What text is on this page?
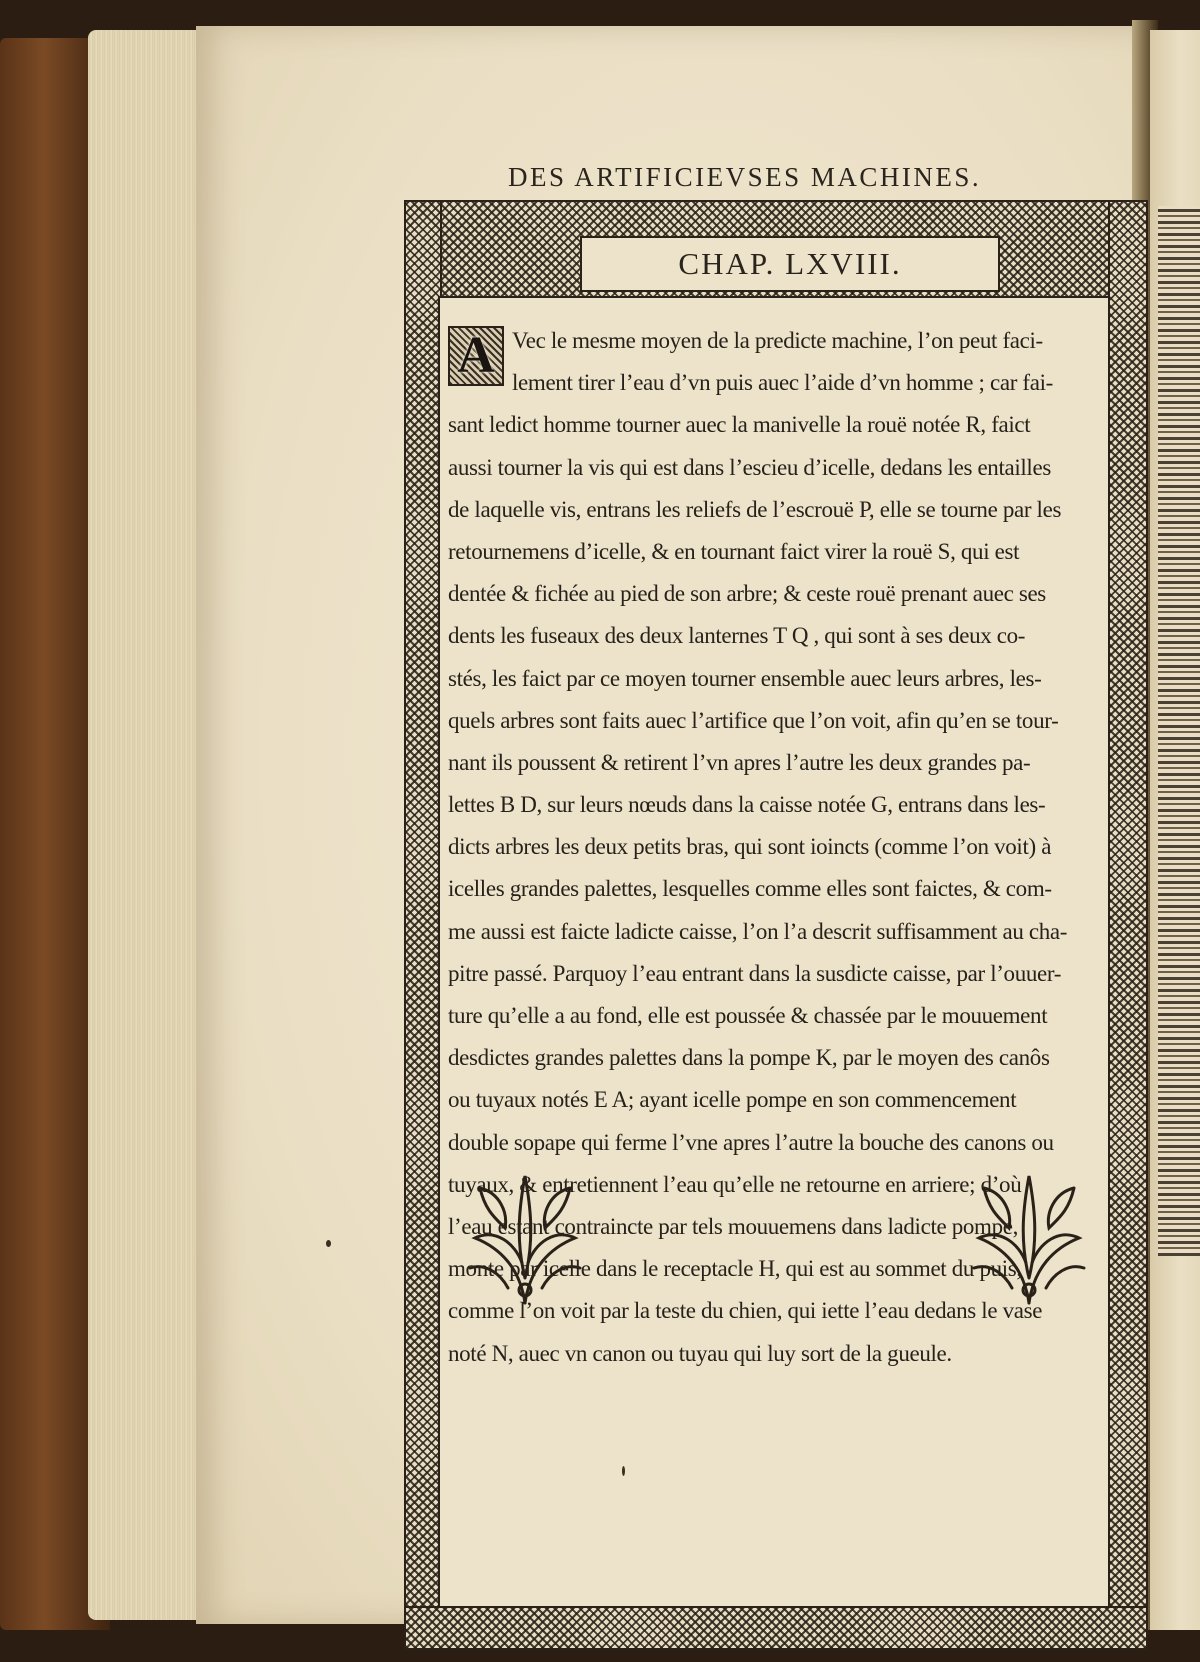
DES ARTIFICIEVSES MACHINES.
CHAP. LXVIII.
A Vec le mesme moyen de la predicte machine, l’on peut faci-
lement tirer l’eau d’vn puis auec l’aide d’vn homme ; car fai-
sant ledict homme tourner auec la manivelle la rouë notée R, faict
aussi tourner la vis qui est dans l’escieu d’icelle, dedans les entailles
de laquelle vis, entrans les reliefs de l’escrouë P, elle se tourne par les
retournemens d’icelle, & en tournant faict virer la rouë S, qui est
dentée & fichée au pied de son arbre; & ceste rouë prenant auec ses
dents les fuseaux des deux lanternes T Q , qui sont à ses deux co-
stés, les faict par ce moyen tourner ensemble auec leurs arbres, les-
quels arbres sont faits auec l’artifice que l’on voit, afin qu’en se tour-
nant ils poussent & retirent l’vn apres l’autre les deux grandes pa-
lettes B D, sur leurs nœuds dans la caisse notée G, entrans dans les-
dicts arbres les deux petits bras, qui sont ioincts (comme l’on voit) à
icelles grandes palettes, lesquelles comme elles sont faictes, & com-
me aussi est faicte ladicte caisse, l’on l’a descrit suffisamment au cha-
pitre passé. Parquoy l’eau entrant dans la susdicte caisse, par l’ouuer-
ture qu’elle a au fond, elle est poussée & chassée par le mouuement
desdictes grandes palettes dans la pompe K, par le moyen des canôs
ou tuyaux notés E A; ayant icelle pompe en son commencement
double sopape qui ferme l’vne apres l’autre la bouche des canons ou
tuyaux, & entretiennent l’eau qu’elle ne retourne en arriere; d’où
l’eau estant contraincte par tels mouuemens dans ladicte pompe,
monte par icelle dans le receptacle H, qui est au sommet du puis,
comme l’on voit par la teste du chien, qui iette l’eau dedans le vase
noté N, auec vn canon ou tuyau qui luy sort de la gueule.
